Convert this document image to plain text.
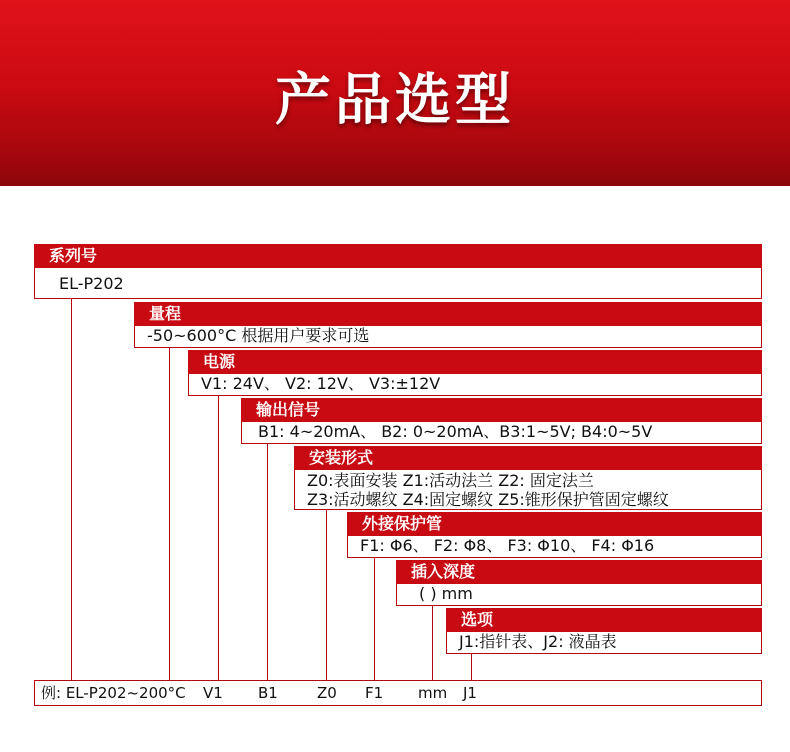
产品选型
系列号
EL-P202
量程
-50~600°C 根据用户要求可选
电源
V1: 24V、 V2: 12V、 V3:±12V
输出信号
B1: 4~20mA、 B2: 0~20mA、B3:1~5V; B4:0~5V
安装形式
Z0:表面安装 Z1:活动法兰 Z2: 固定法兰
Z3:活动螺纹 Z4:固定螺纹 Z5:锥形保护管固定螺纹
外接保护管
F1: Φ6、 F2: Φ8、 F3: Φ10、 F4: Φ16
插入深度
( ) mm
选项
J1:指针表、J2: 液晶表
例: EL-P202~200°C V1 B1	Z0 F1 mm J1
